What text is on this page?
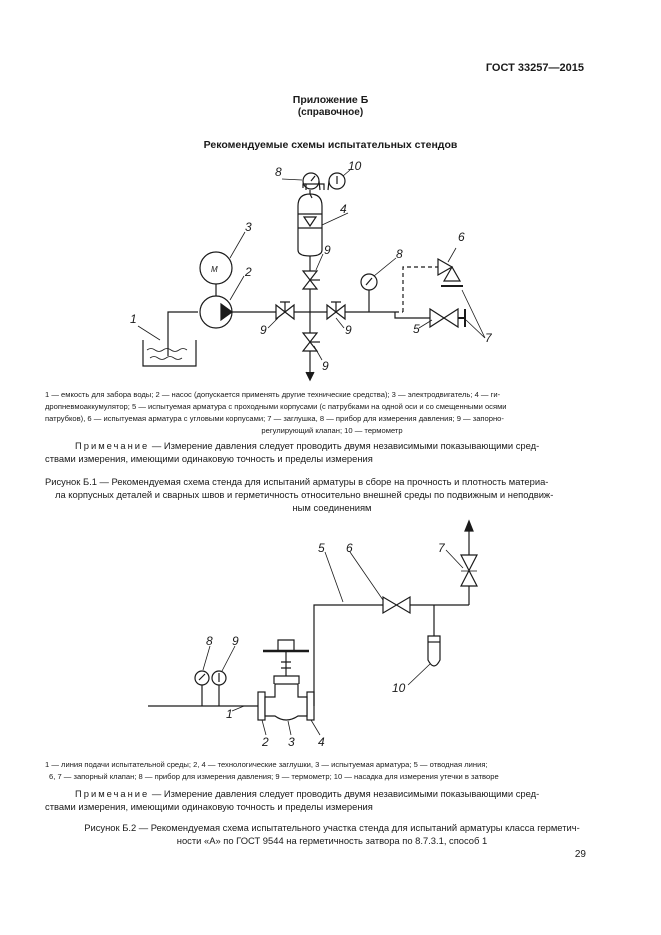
ГОСТ 33257—2015
Приложение Б
(справочное)
Рекомендуемые схемы испытательных стендов
М
1
2
3
4
5
6
7
8
8
9
9	9
9
10
1 — емкость для забора воды; 2 — насос (допускается применять другие технические средства); 3 — электродвигатель; 4 — ги-
дропневмоаккумулятор; 5 — испытуемая арматура с проходными корпусами (с патрубками на одной оси и со смещенными осями
патрубков), 6 — испытуемая арматура с угловыми корпусами; 7 — заглушка, 8 — прибор для измерения давления; 9 — запорно-
регулирующий клапан; 10 — термометр
Примечание — Измерение давления следует проводить двумя независимыми показывающими сред-
ствами измерения, имеющими одинаковую точность и пределы измерения
Рисунок Б.1 — Рекомендуемая схема стенда для испытаний арматуры в сборе на прочность и плотность материа-
ла корпусных деталей и сварных швов и герметичность относительно внешней среды по подвижным и неподвиж-
ным соединениям
1
2 3 4
5 6	7
8 9
10
1 — линия подачи испытательной среды; 2, 4 — технологические заглушки, 3 — испытуемая арматура; 5 — отводная линия;
6, 7 — запорный клапан; 8 — прибор для измерения давления; 9 — термометр; 10 — насадка для измерения утечки в затворе
Примечание — Измерение давления следует проводить двумя независимыми показывающими сред-
ствами измерения, имеющими одинаковую точность и пределы измерения
Рисунок Б.2 — Рекомендуемая схема испытательного участка стенда для испытаний арматуры класса герметич-
ности «А» по ГОСТ 9544 на герметичность затвора по 8.7.3.1, способ 1
29
